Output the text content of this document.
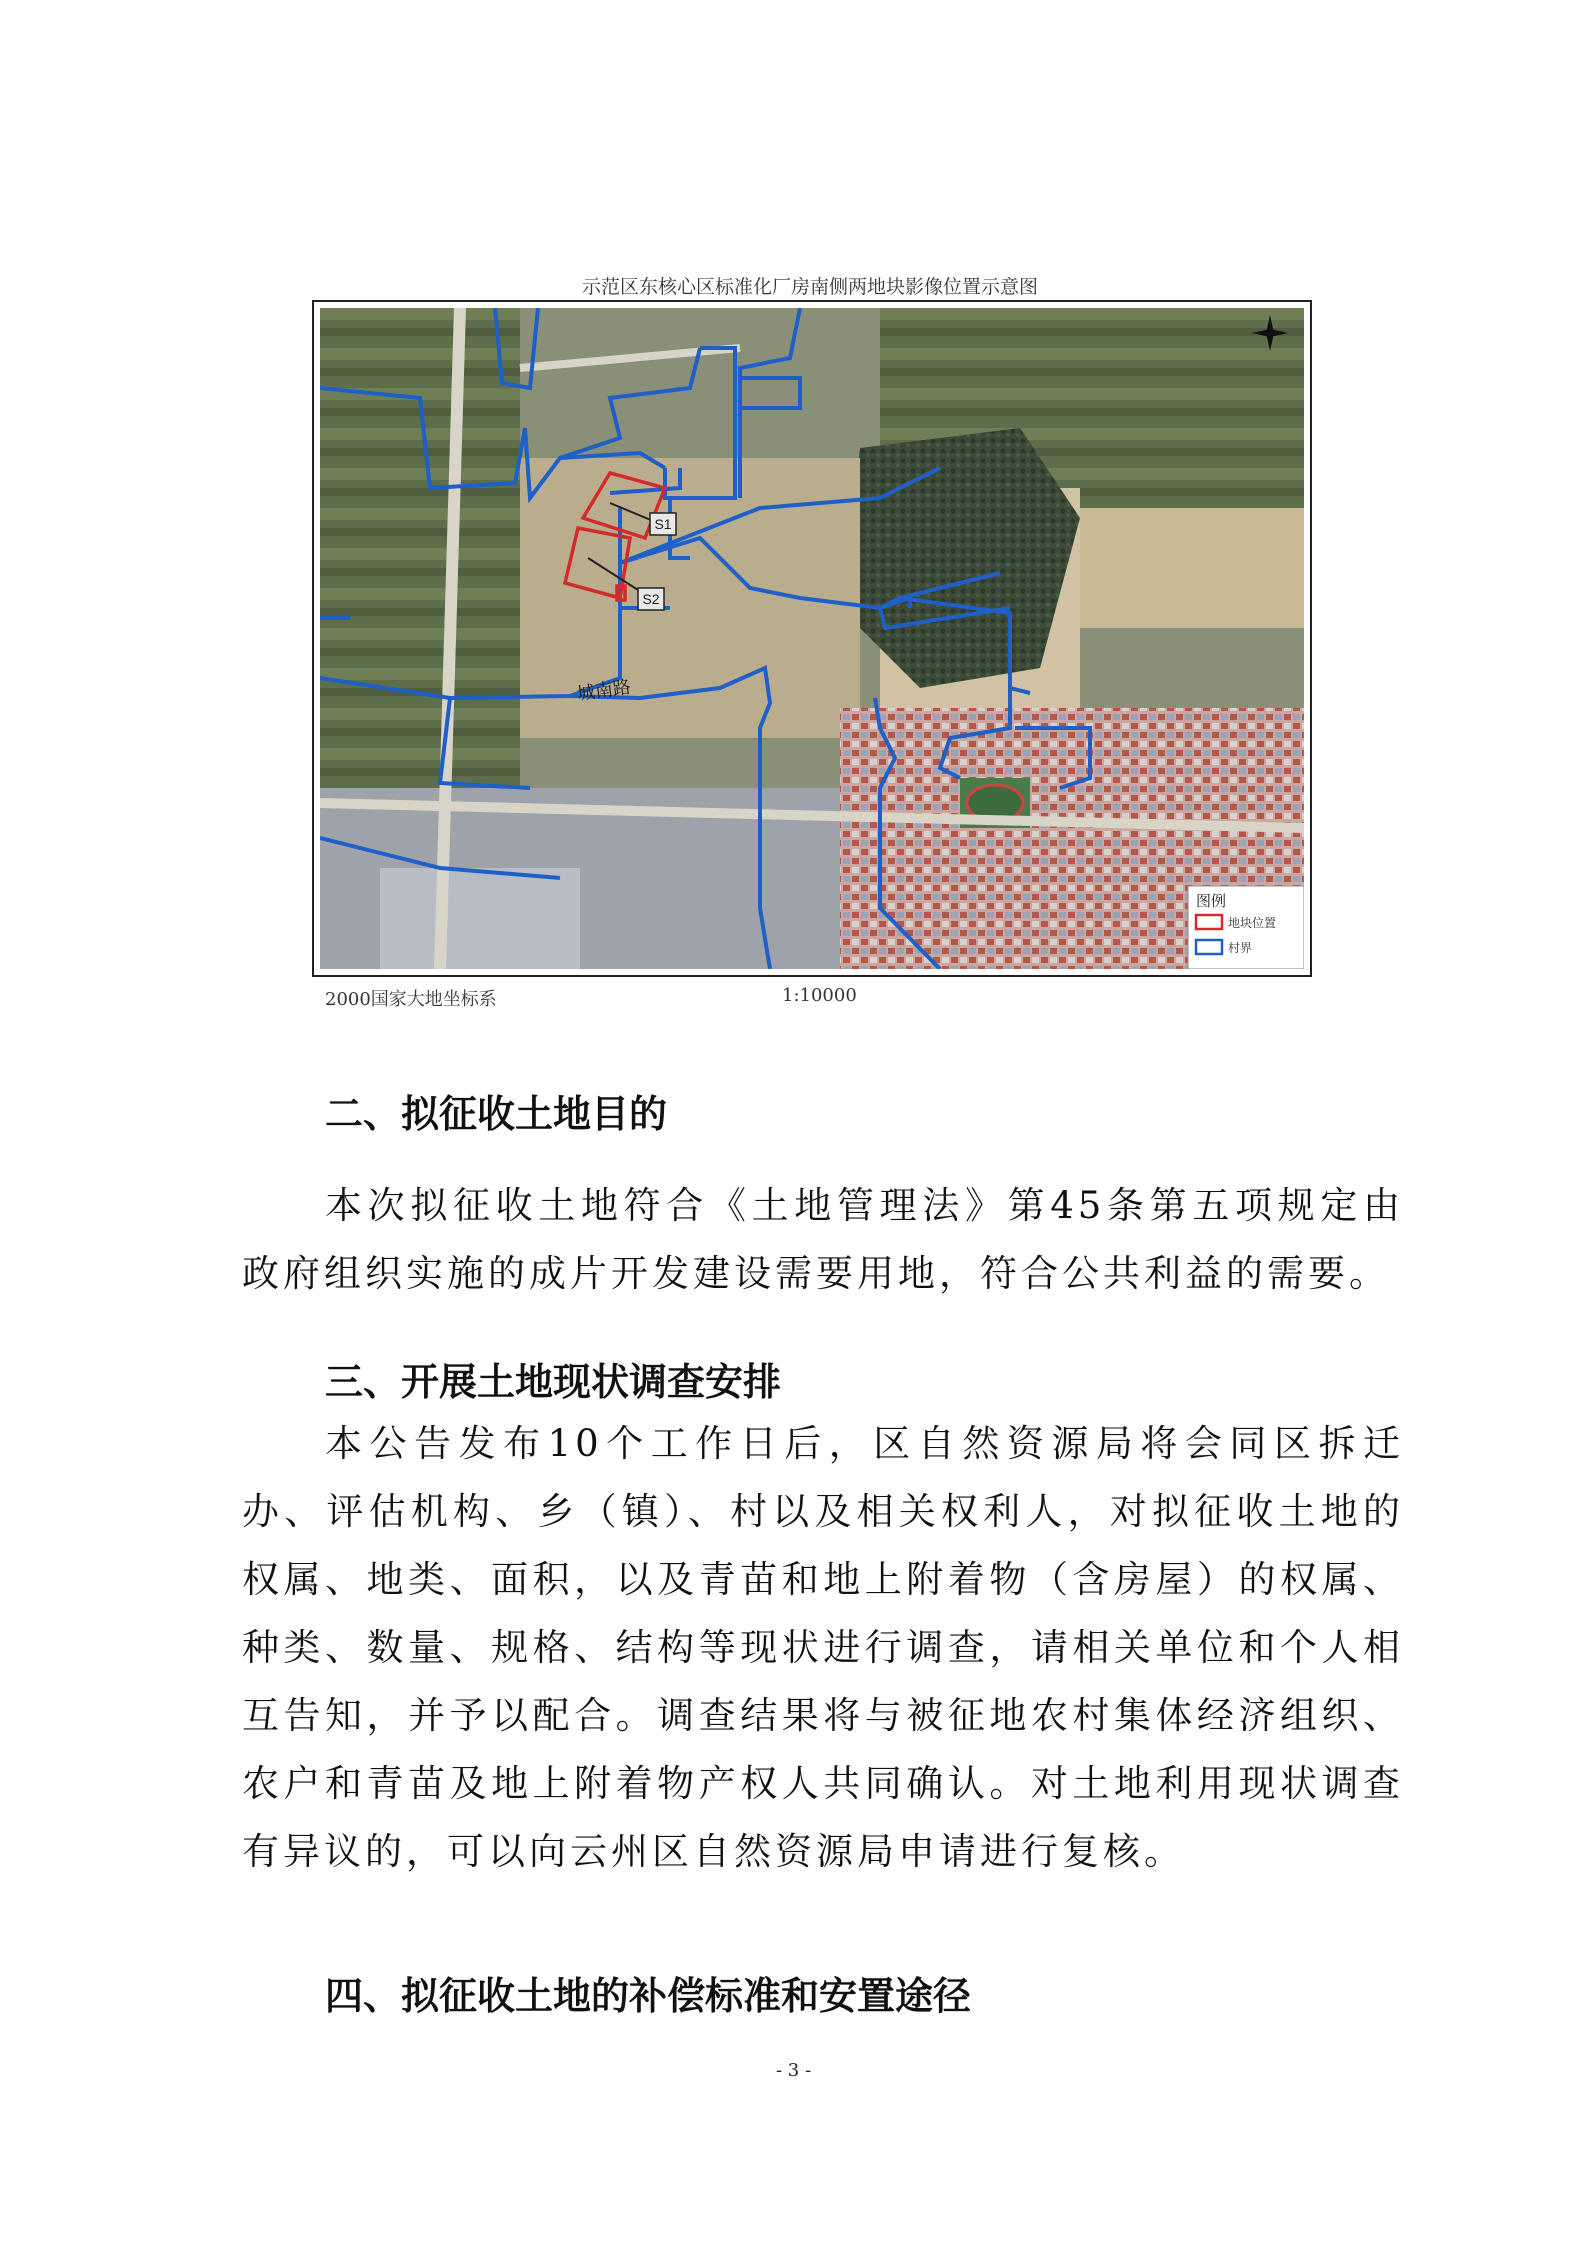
示范区东核心区标准化厂房南侧两地块影像位置示意图
S1
S2
城南路
图例
地块位置
村界
2000国家大地坐标系	1:10000
二、拟征收土地目的
本次拟征收土地符合《土地管理法》第45条第五项规定由政府组织实施的成片开发建设需要用地，符合公共利益的需要。
三、开展土地现状调查安排
本公告发布10个工作日后，区自然资源局将会同区拆迁办、评估机构、乡（镇）、村以及相关权利人，对拟征收土地的权属、地类、面积，以及青苗和地上附着物（含房屋）的权属、种类、数量、规格、结构等现状进行调查，请相关单位和个人相互告知，并予以配合。调查结果将与被征地农村集体经济组织、农户和青苗及地上附着物产权人共同确认。对土地利用现状调查有异议的，可以向云州区自然资源局申请进行复核。
四、拟征收土地的补偿标准和安置途径
- 3 -
